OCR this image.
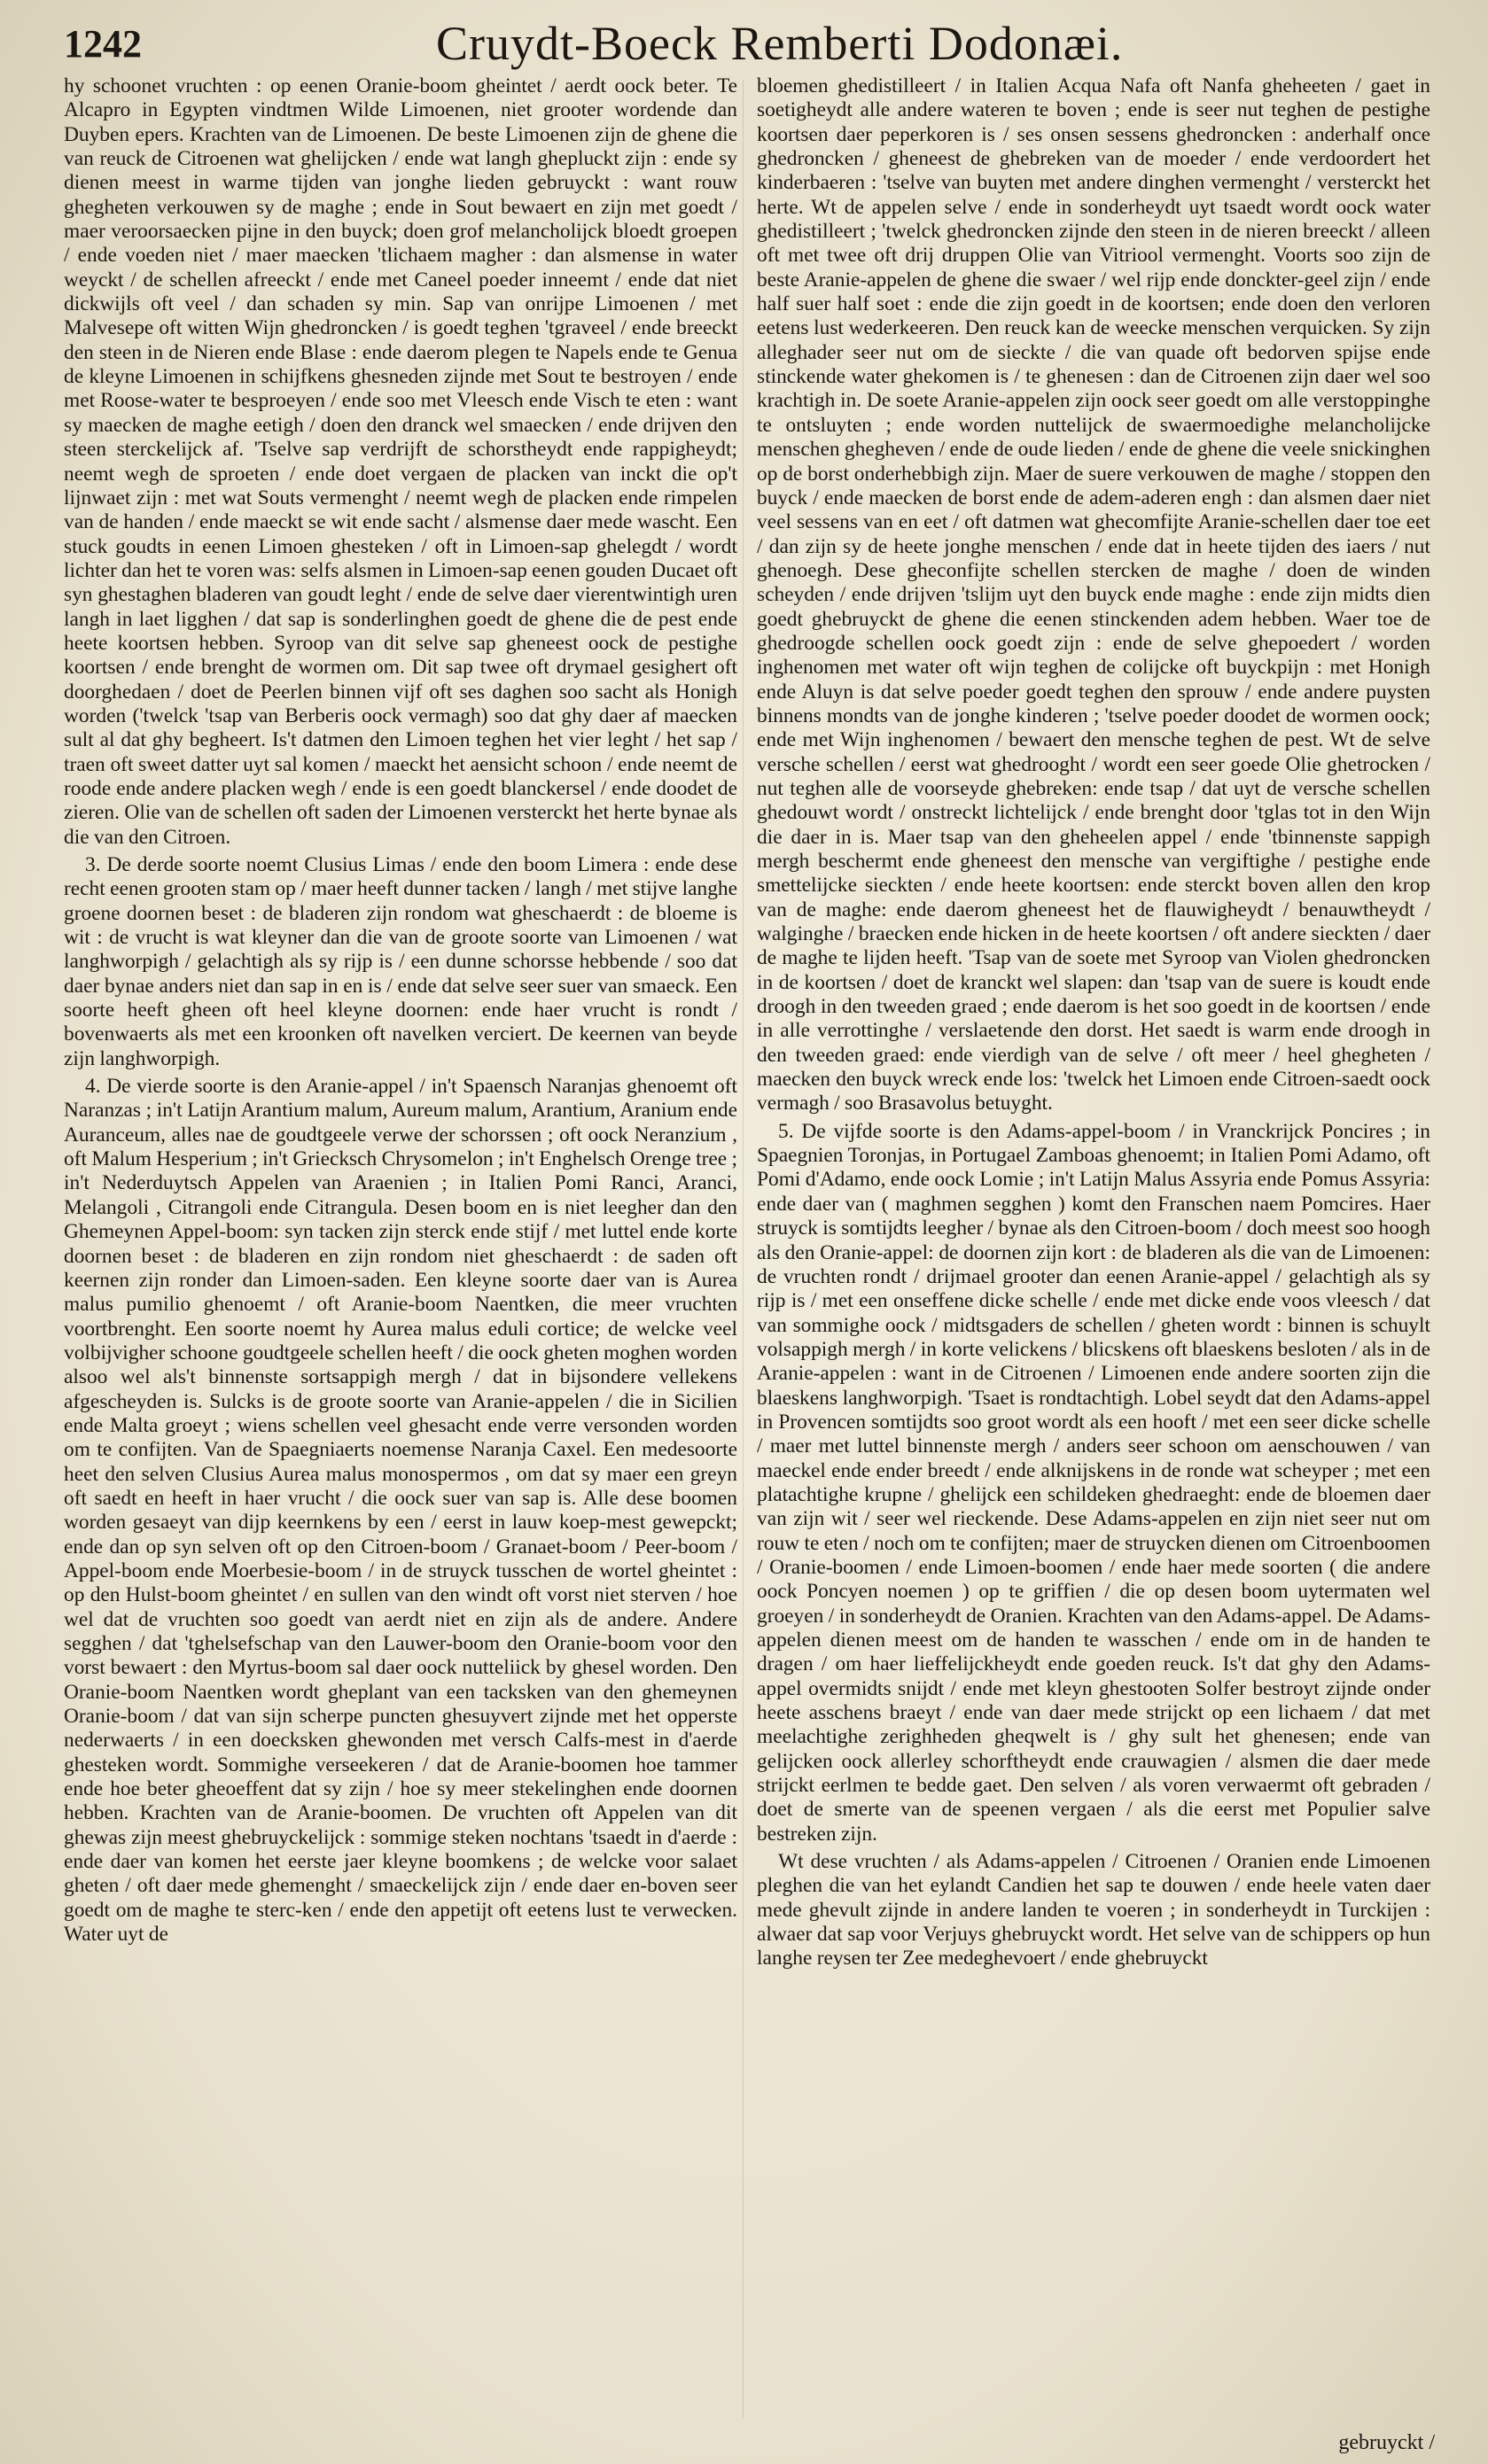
1242	Cruydt-Boeck Remberti Dodonæi.

hy schoonet vruchten : op eenen Oranie-boom gheintet / aerdt oock beter. Te Alcapro in Egypten vindtmen Wilde Limoenen, niet grooter wordende dan Duyben epers. Krachten van de Limoenen. De beste Limoenen zijn de ghene die van reuck de Citroenen wat ghelijcken / ende wat langh ghepluckt zijn : ende sy dienen meest in warme tijden van jonghe lieden gebruyckt : want rouw ghegheten verkouwen sy de maghe ; ende in Sout bewaert en zijn met goedt / maer veroorsaecken pijne in den buyck; doen grof melancholijck bloedt groepen / ende voeden niet / maer maecken 'tlichaem magher : dan alsmense in water weyckt / de schellen afreeckt / ende met Caneel poeder inneemt / ende dat niet dickwijls oft veel / dan schaden sy min. Sap van onrijpe Limoenen / met Malvesepe oft witten Wijn ghedroncken / is goedt teghen 'tgraveel / ende breeckt den steen in de Nieren ende Blase : ende daerom plegen te Napels ende te Genua de kleyne Limoenen in schijfkens ghesneden zijnde met Sout te bestroyen / ende met Roose-water te besproeyen / ende soo met Vleesch ende Visch te eten : want sy maecken de maghe eetigh / doen den dranck wel smaecken / ende drijven den steen sterckelijck af. 'Tselve sap verdrijft de schorstheydt ende rappigheydt; neemt wegh de sproeten / ende doet vergaen de placken van inckt die op't lijnwaet zijn : met wat Souts vermenght / neemt wegh de placken ende rimpelen van de handen / ende maeckt se wit ende sacht / alsmense daer mede wascht. Een stuck goudts in eenen Limoen ghesteken / oft in Limoen-sap ghelegdt / wordt lichter dan het te voren was: selfs alsmen in Limoen-sap eenen gouden Ducaet oft syn ghestaghen bladeren van goudt leght / ende de selve daer vierentwintigh uren langh in laet ligghen / dat sap is sonderlinghen goedt de ghene die de pest ende heete koortsen hebben. Syroop van dit selve sap gheneest oock de pestighe koortsen / ende brenght de wormen om. Dit sap twee oft drymael gesighert oft doorghedaen / doet de Peerlen binnen vijf oft ses daghen soo sacht als Honigh worden ('twelck 'tsap van Berberis oock vermagh) soo dat ghy daer af maecken sult al dat ghy begheert. Is't datmen den Limoen teghen het vier leght / het sap / traen oft sweet datter uyt sal komen / maeckt het aensicht schoon / ende neemt de roode ende andere placken wegh / ende is een goedt blanckersel / ende doodet de zieren. Olie van de schellen oft saden der Limoenen versterckt het herte bynae als die van den Citroen.

3. De derde soorte noemt Clusius Limas / ende den boom Limera : ende dese recht eenen grooten stam op / maer heeft dunner tacken / langh / met stijve langhe groene doornen beset : de bladeren zijn rondom wat gheschaerdt : de bloeme is wit : de vrucht is wat kleyner dan die van de groote soorte van Limoenen / wat langhworpigh / gelachtigh als sy rijp is / een dunne schorsse hebbende / soo dat daer bynae anders niet dan sap in en is / ende dat selve seer suer van smaeck. Een soorte heeft gheen oft heel kleyne doornen: ende haer vrucht is rondt / bovenwaerts als met een kroonken oft navelken verciert. De keernen van beyde zijn langhworpigh.

4. De vierde soorte is den Aranie-appel / in't Spaensch Naranjas ghenoemt oft Naranzas ; in't Latijn Arantium malum, Aureum malum, Arantium, Aranium ende Auranceum, alles nae de goudtgeele verwe der schorssen ; oft oock Neranzium , oft Malum Hesperium ; in't Griecksch Chrysomelon ; in't Enghelsch Orenge tree ; in't Nederduytsch Appelen van Araenien ; in Italien Pomi Ranci, Aranci, Melangoli , Citrangoli ende Citrangula. Desen boom en is niet leegher dan den Ghemeynen Appel-boom: syn tacken zijn sterck ende stijf / met luttel ende korte doornen beset : de bladeren en zijn rondom niet gheschaerdt : de saden oft keernen zijn ronder dan Limoen-saden. Een kleyne soorte daer van is Aurea malus pumilio ghenoemt / oft Aranie-boom Naentken, die meer vruchten voortbrenght. Een soorte noemt hy Aurea malus eduli cortice; de welcke veel volbijvigher schoone goudtgeele schellen heeft / die oock gheten moghen worden alsoo wel als't binnenste sortsappigh mergh / dat in bijsondere vellekens afgescheyden is. Sulcks is de groote soorte van Aranie-appelen / die in Sicilien ende Malta groeyt ; wiens schellen veel ghesacht ende verre versonden worden om te confijten. Van de Spaegniaerts noemense Naranja Caxel. Een medesoorte heet den selven Clusius Aurea malus monospermos , om dat sy maer een greyn oft saedt en heeft in haer vrucht / die oock suer van sap is. Alle dese boomen worden gesaeyt van dijp keernkens by een / eerst in lauw koep-mest gewepckt; ende dan op syn selven oft op den Citroen-boom / Granaet-boom / Peer-boom / Appel-boom ende Moerbesie-boom / in de struyck tusschen de wortel gheintet : op den Hulst-boom gheintet / en sullen van den windt oft vorst niet sterven / hoe wel dat de vruchten soo goedt van aerdt niet en zijn als de andere. Andere segghen / dat 'tghelsefschap van den Lauwer-boom den Oranie-boom voor den vorst bewaert : den Myrtus-boom sal daer oock nutteliick by ghesel worden. Den Oranie-boom Naentken wordt gheplant van een tacksken van den ghemeynen Oranie-boom / dat van sijn scherpe puncten ghesuyvert zijnde met het opperste nederwaerts / in een doecksken ghewonden met versch Calfs-mest in d'aerde ghesteken wordt. Sommighe verseekeren / dat de Aranie-boomen hoe tammer ende hoe beter gheoeffent dat sy zijn / hoe sy meer stekelinghen ende doornen hebben. Krachten van de Aranie-boomen. De vruchten oft Appelen van dit ghewas zijn meest ghebruyckelijck : sommige steken nochtans 'tsaedt in d'aerde : ende daer van komen het eerste jaer kleyne boomkens ; de welcke voor salaet gheten / oft daer mede ghemenght / smaeckelijck zijn / ende daer en-boven seer goedt om de maghe te sterc-ken / ende den appetijt oft eetens lust te verwecken. Water uyt de

bloemen ghedistilleert / in Italien Acqua Nafa oft Nanfa gheheeten / gaet in soetigheydt alle andere wateren te boven ; ende is seer nut teghen de pestighe koortsen daer peperkoren is / ses onsen sessens ghedroncken : anderhalf once ghedroncken / gheneest de ghebreken van de moeder / ende verdoordert het kinderbaeren : 'tselve van buyten met andere dinghen vermenght / versterckt het herte. Wt de appelen selve / ende in sonderheydt uyt tsaedt wordt oock water ghedistilleert ; 'twelck ghedroncken zijnde den steen in de nieren breeckt / alleen oft met twee oft drij druppen Olie van Vitriool vermenght. Voorts soo zijn de beste Aranie-appelen de ghene die swaer / wel rijp ende donckter-geel zijn / ende half suer half soet : ende die zijn goedt in de koortsen; ende doen den verloren eetens lust wederkeeren. Den reuck kan de weecke menschen verquicken. Sy zijn alleghader seer nut om de sieckte / die van quade oft bedorven spijse ende stinckende water ghekomen is / te ghenesen : dan de Citroenen zijn daer wel soo krachtigh in. De soete Aranie-appelen zijn oock seer goedt om alle verstoppinghe te ontsluyten ; ende worden nuttelijck de swaermoedighe melancholijcke menschen ghegheven / ende de oude lieden / ende de ghene die veele snickinghen op de borst onderhebbigh zijn. Maer de suere verkouwen de maghe / stoppen den buyck / ende maecken de borst ende de adem-aderen engh : dan alsmen daer niet veel sessens van en eet / oft datmen wat ghecomfijte Aranie-schellen daer toe eet / dan zijn sy de heete jonghe menschen / ende dat in heete tijden des iaers / nut ghenoegh. Dese gheconfijte schellen stercken de maghe / doen de winden scheyden / ende drijven 'tslijm uyt den buyck ende maghe : ende zijn midts dien goedt ghebruyckt de ghene die eenen stinckenden adem hebben. Waer toe de ghedroogde schellen oock goedt zijn : ende de selve ghepoedert / worden inghenomen met water oft wijn teghen de colijcke oft buyckpijn : met Honigh ende Aluyn is dat selve poeder goedt teghen den sprouw / ende andere puysten binnens mondts van de jonghe kinderen ; 'tselve poeder doodet de wormen oock; ende met Wijn inghenomen / bewaert den mensche teghen de pest. Wt de selve versche schellen / eerst wat ghedrooght / wordt een seer goede Olie ghetrocken / nut teghen alle de voorseyde ghebreken: ende tsap / dat uyt de versche schellen ghedouwt wordt / onstreckt lichtelijck / ende brenght door 'tglas tot in den Wijn die daer in is. Maer tsap van den gheheelen appel / ende 'tbinnenste sappigh mergh beschermt ende gheneest den mensche van vergiftighe / pestighe ende smettelijcke sieckten / ende heete koortsen: ende sterckt boven allen den krop van de maghe: ende daerom gheneest het de flauwigheydt / benauwtheydt / walginghe / braecken ende hicken in de heete koortsen / oft andere sieckten / daer de maghe te lijden heeft. 'Tsap van de soete met Syroop van Violen ghedroncken in de koortsen / doet de kranckt wel slapen: dan 'tsap van de suere is koudt ende droogh in den tweeden graed ; ende daerom is het soo goedt in de koortsen / ende in alle verrottinghe / verslaetende den dorst. Het saedt is warm ende droogh in den tweeden graed: ende vierdigh van de selve / oft meer / heel ghegheten / maecken den buyck wreck ende los: 'twelck het Limoen ende Citroen-saedt oock vermagh / soo Brasavolus betuyght.

5. De vijfde soorte is den Adams-appel-boom / in Vranckrijck Poncires ; in Spaegnien Toronjas, in Portugael Zamboas ghenoemt; in Italien Pomi Adamo, oft Pomi d'Adamo, ende oock Lomie ; in't Latijn Malus Assyria ende Pomus Assyria: ende daer van ( maghmen segghen ) komt den Franschen naem Pomcires. Haer struyck is somtijdts leegher / bynae als den Citroen-boom / doch meest soo hoogh als den Oranie-appel: de doornen zijn kort : de bladeren als die van de Limoenen: de vruchten rondt / drijmael grooter dan eenen Aranie-appel / gelachtigh als sy rijp is / met een onseffene dicke schelle / ende met dicke ende voos vleesch / dat van sommighe oock / midtsgaders de schellen / gheten wordt : binnen is schuylt volsappigh mergh / in korte velickens / blicskens oft blaeskens besloten / als in de Aranie-appelen : want in de Citroenen / Limoenen ende andere soorten zijn die blaeskens langhworpigh. 'Tsaet is rondtachtigh. Lobel seydt dat den Adams-appel in Provencen somtijdts soo groot wordt als een hooft / met een seer dicke schelle / maer met luttel binnenste mergh / anders seer schoon om aenschouwen / van maeckel ende ender breedt / ende alknijskens in de ronde wat scheyper ; met een platachtighe krupne / ghelijck een schildeken ghedraeght: ende de bloemen daer van zijn wit / seer wel rieckende. Dese Adams-appelen en zijn niet seer nut om rouw te eten / noch om te confijten; maer de struycken dienen om Citroenboomen / Oranie-boomen / ende Limoen-boomen / ende haer mede soorten ( die andere oock Poncyen noemen ) op te griffien / die op desen boom uytermaten wel groeyen / in sonderheydt de Oranien. Krachten van den Adams-appel. De Adams-appelen dienen meest om de handen te wasschen / ende om in de handen te dragen / om haer lieffelijckheydt ende goeden reuck. Is't dat ghy den Adams-appel overmidts snijdt / ende met kleyn ghestooten Solfer bestroyt zijnde onder heete asschens braeyt / ende van daer mede strijckt op een lichaem / dat met meelachtighe zerighheden gheqwelt is / ghy sult het ghenesen; ende van gelijcken oock allerley schorftheydt ende crauwagien / alsmen die daer mede strijckt eerlmen te bedde gaet. Den selven / als voren verwaermt oft gebraden / doet de smerte van de speenen vergaen / als die eerst met Populier salve bestreken zijn.

Wt dese vruchten / als Adams-appelen / Citroenen / Oranien ende Limoenen pleghen die van het eylandt Candien het sap te douwen / ende heele vaten daer mede ghevult zijnde in andere landen te voeren ; in sonderheydt in Turckijen : alwaer dat sap voor Verjuys ghebruyckt wordt. Het selve van de schippers op hun langhe reysen ter Zee medeghevoert / ende ghebruyckt

gebruyckt /
